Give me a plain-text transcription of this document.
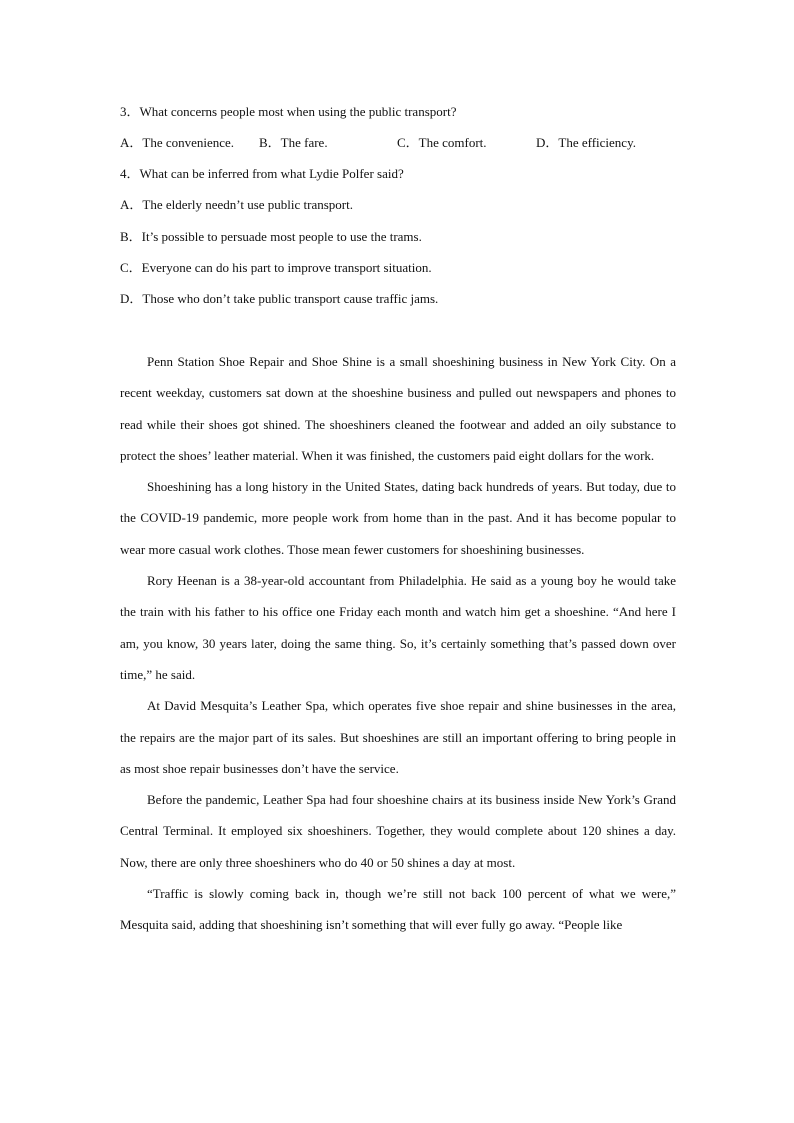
3．What concerns people most when using the public transport?
A．The convenience. B．The fare.	C．The comfort.	D．The efficiency.
4．What can be inferred from what Lydie Polfer said?
A．The elderly needn’t use public transport.
B．It’s possible to persuade most people to use the trams.
C．Everyone can do his part to improve transport situation.
D．Those who don’t take public transport cause traffic jams.

Penn Station Shoe Repair and Shoe Shine is a small shoeshining business in New York City. On a recent weekday, customers sat down at the shoeshine business and pulled out newspapers and phones to read while their shoes got shined. The shoeshiners cleaned the footwear and added an oily substance to protect the shoes’ leather material. When it was finished, the customers paid eight dollars for the work.

Shoeshining has a long history in the United States, dating back hundreds of years. But today, due to the COVID-19 pandemic, more people work from home than in the past. And it has become popular to wear more casual work clothes. Those mean fewer customers for shoeshining businesses.

Rory Heenan is a 38-year-old accountant from Philadelphia. He said as a young boy he would take the train with his father to his office one Friday each month and watch him get a shoeshine. “And here I am, you know, 30 years later, doing the same thing. So, it’s certainly something that’s passed down over time,” he said.

At David Mesquita’s Leather Spa, which operates five shoe repair and shine businesses in the area, the repairs are the major part of its sales. But shoeshines are still an important offering to bring people in as most shoe repair businesses don’t have the service.

Before the pandemic, Leather Spa had four shoeshine chairs at its business inside New York’s Grand Central Terminal. It employed six shoeshiners. Together, they would complete about 120 shines a day. Now, there are only three shoeshiners who do 40 or 50 shines a day at most.

“Traffic is slowly coming back in, though we’re still not back 100 percent of what we were,” Mesquita said, adding that shoeshining isn’t something that will ever fully go away. “People like
